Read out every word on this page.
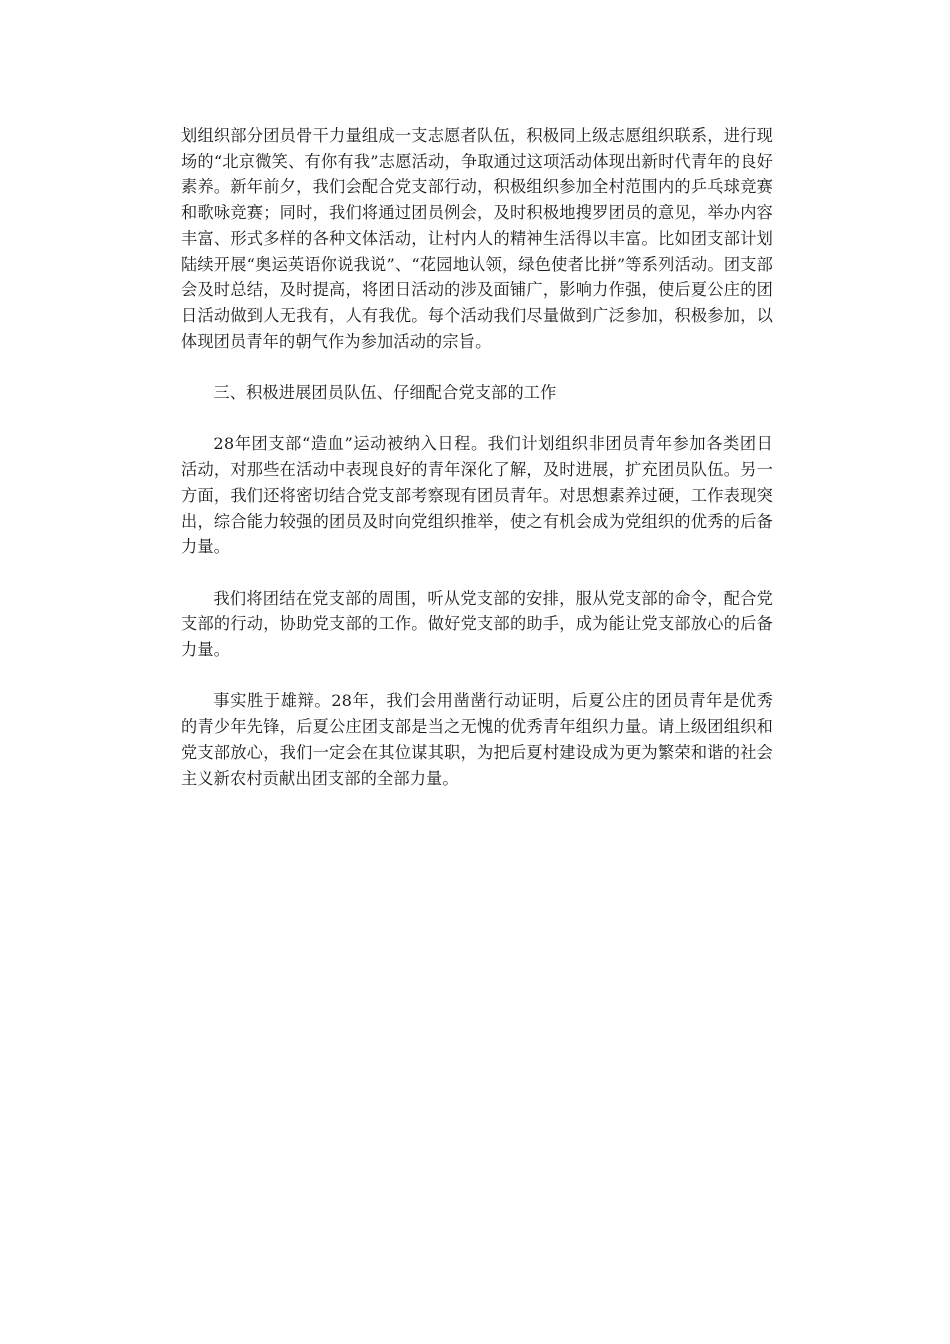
划组织部分团员骨干力量组成一支志愿者队伍，积极同上级志愿组织联系，进行现场的“北京微笑、有你有我”志愿活动，争取通过这项活动体现出新时代青年的良好素养。新年前夕，我们会配合党支部行动，积极组织参加全村范围内的乒乓球竞赛和歌咏竞赛；同时，我们将通过团员例会，及时积极地搜罗团员的意见，举办内容丰富、形式多样的各种文体活动，让村内人的精神生活得以丰富。比如团支部计划陆续开展“奥运英语你说我说”、“花园地认领，绿色使者比拼”等系列活动。团支部会及时总结，及时提高，将团日活动的涉及面铺广，影响力作强，使后夏公庄的团日活动做到人无我有，人有我优。每个活动我们尽量做到广泛参加，积极参加，以体现团员青年的朝气作为参加活动的宗旨。

三、积极进展团员队伍、仔细配合党支部的工作

28年团支部“造血”运动被纳入日程。我们计划组织非团员青年参加各类团日活动，对那些在活动中表现良好的青年深化了解，及时进展，扩充团员队伍。另一方面，我们还将密切结合党支部考察现有团员青年。对思想素养过硬，工作表现突出，综合能力较强的团员及时向党组织推举，使之有机会成为党组织的优秀的后备力量。

我们将团结在党支部的周围，听从党支部的安排，服从党支部的命令，配合党支部的行动，协助党支部的工作。做好党支部的助手，成为能让党支部放心的后备力量。

事实胜于雄辩。28年，我们会用凿凿行动证明，后夏公庄的团员青年是优秀的青少年先锋，后夏公庄团支部是当之无愧的优秀青年组织力量。请上级团组织和党支部放心，我们一定会在其位谋其职，为把后夏村建设成为更为繁荣和谐的社会主义新农村贡献出团支部的全部力量。
